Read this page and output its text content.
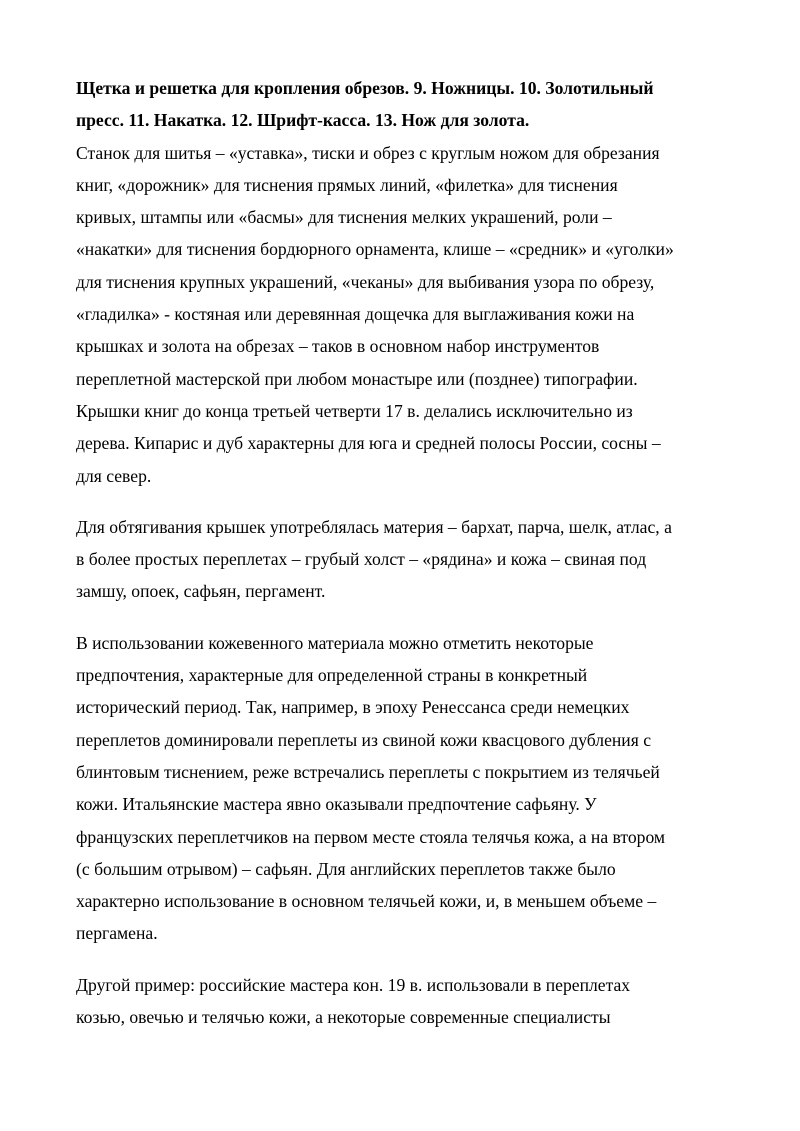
Щетка и решетка для кропления обрезов. 9. Ножницы. 10. Золотильный
пресс. 11. Накатка. 12. Шрифт-касса. 13. Нож для золота.

Станок для шитья – «уставка», тиски и обрез с круглым ножом для обрезания
книг, «дорожник» для тиснения прямых линий, «филетка» для тиснения
кривых, штампы или «басмы» для тиснения мелких украшений, роли –
«накатки» для тиснения бордюрного орнамента, клише – «средник» и «уголки»
для тиснения крупных украшений, «чеканы» для выбивания узора по обрезу,
«гладилка» - костяная или деревянная дощечка для выглаживания кожи на
крышках и золота на обрезах – таков в основном набор инструментов
переплетной мастерской при любом монастыре или (позднее) типографии.
Крышки книг до конца третьей четверти 17 в. делались исключительно из
дерева. Кипарис и дуб характерны для юга и средней полосы России, сосны –
для север.

Для обтягивания крышек употреблялась материя – бархат, парча, шелк, атлас, а
в более простых переплетах – грубый холст – «рядина» и кожа – свиная под
замшу, опоек, сафьян, пергамент.

В использовании кожевенного материала можно отметить некоторые
предпочтения, характерные для определенной страны в конкретный
исторический период. Так, например, в эпоху Ренессанса среди немецких
переплетов доминировали переплеты из свиной кожи квасцового дубления с
блинтовым тиснением, реже встречались переплеты с покрытием из телячьей
кожи. Итальянские мастера явно оказывали предпочтение сафьяну. У
французских переплетчиков на первом месте стояла телячья кожа, а на втором
(с большим отрывом) – сафьян. Для английских переплетов также было
характерно использование в основном телячьей кожи, и, в меньшем объеме –
пергамена.

Другой пример: российские мастера кон. 19 в. использовали в переплетах
козью, овечью и телячью кожи, а некоторые современные специалисты
